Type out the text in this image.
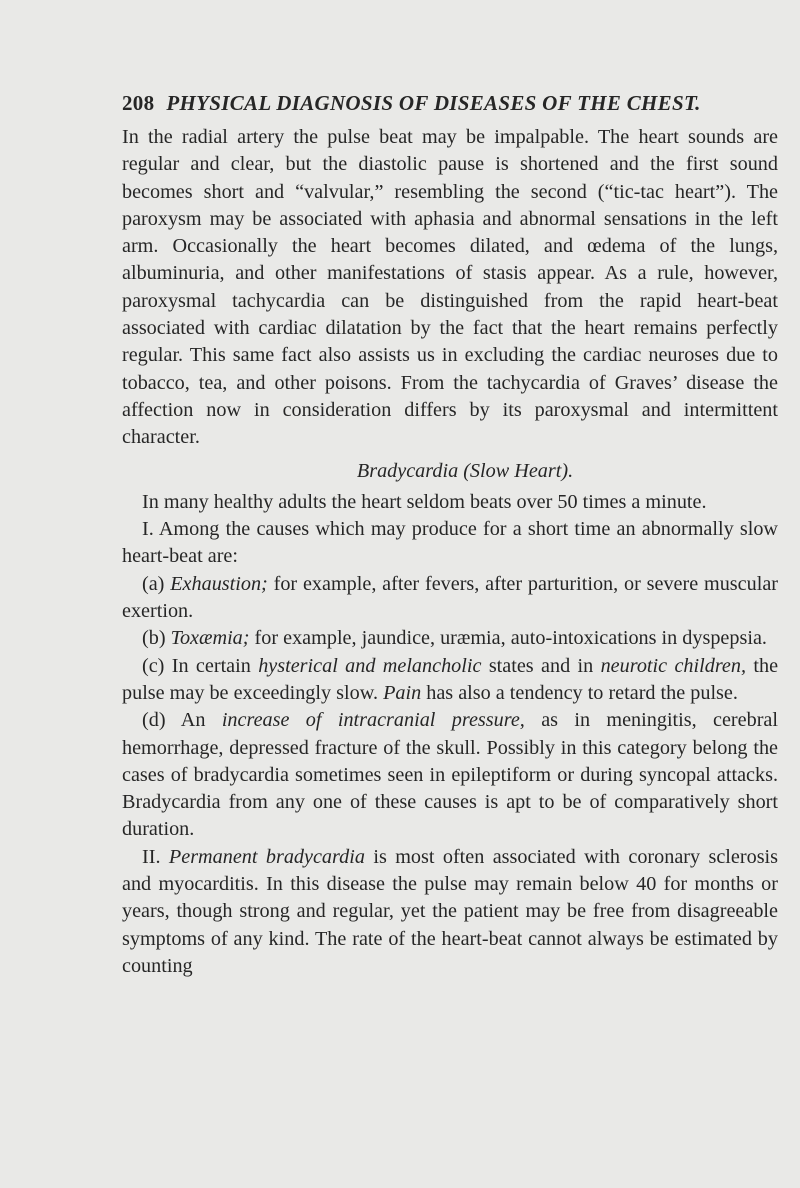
208 PHYSICAL DIAGNOSIS OF DISEASES OF THE CHEST.

In the radial artery the pulse beat may be impalpable. The heart sounds are regular and clear, but the diastolic pause is shortened and the first sound becomes short and “valvular,” resembling the second (“tic-tac heart”). The paroxysm may be associated with aphasia and abnormal sensations in the left arm. Occasionally the heart becomes dilated, and œdema of the lungs, albuminuria, and other manifestations of stasis appear. As a rule, however, paroxysmal tachycardia can be distinguished from the rapid heart-beat associated with cardiac dilatation by the fact that the heart remains perfectly regular. This same fact also assists us in excluding the cardiac neuroses due to tobacco, tea, and other poisons. From the tachycardia of Graves’ disease the affection now in consideration differs by its paroxysmal and intermittent character.

Bradycardia (Slow Heart).

In many healthy adults the heart seldom beats over 50 times a minute.

I. Among the causes which may produce for a short time an abnormally slow heart-beat are:

(a) Exhaustion; for example, after fevers, after parturition, or severe muscular exertion.

(b) Toxæmia; for example, jaundice, uræmia, auto-intoxications in dyspepsia.

(c) In certain hysterical and melancholic states and in neurotic children, the pulse may be exceedingly slow. Pain has also a tendency to retard the pulse.

(d) An increase of intracranial pressure, as in meningitis, cerebral hemorrhage, depressed fracture of the skull. Possibly in this category belong the cases of bradycardia sometimes seen in epileptiform or during syncopal attacks. Bradycardia from any one of these causes is apt to be of comparatively short duration.

II. Permanent bradycardia is most often associated with coronary sclerosis and myocarditis. In this disease the pulse may remain below 40 for months or years, though strong and regular, yet the patient may be free from disagreeable symptoms of any kind. The rate of the heart-beat cannot always be estimated by counting
